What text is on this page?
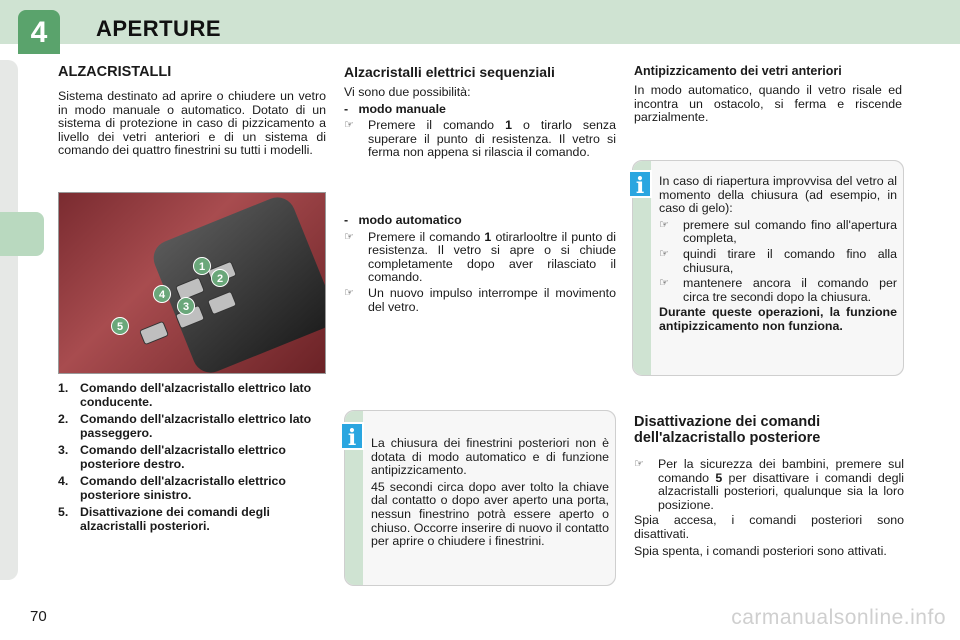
4	APERTURE
ALZACRISTALLI
Sistema destinato ad aprire o chiudere un vetro in modo manuale o automatico. Dotato di un sistema di protezione in caso di pizzicamento a livello dei vetri anteriori e di un sistema di comando dei quattro finestrini su tutti i modelli.
1
2
3
4
5
1. Comando dell'alzacristallo elettrico lato conducente.
2. Comando dell'alzacristallo elettrico lato passeggero.
3. Comando dell'alzacristallo elettrico posteriore destro.
4. Comando dell'alzacristallo elettrico posteriore sinistro.
5. Disattivazione dei comandi degli alzacristalli posteriori.
Alzacristalli elettrici sequenziali

Vi sono due possibilità:

- modo manuale

☞	Premere il comando 1 o tirarlo senza superare il punto di resistenza. Il vetro si ferma non appena si rilascia il comando.

- modo automatico

☞	Premere il comando 1 otirarlooltre il punto di resistenza. Il vetro si apre o si chiude completamente dopo aver rilasciato il comando.
☞	Un nuovo impulso interrompe il movimento del vetro.

La chiusura dei finestrini posteriori non è dotata di modo automatico e di funzione antipizzicamento.

45 secondi circa dopo aver tolto la chiave dal contatto o dopo aver aperto una porta, nessun finestrino potrà essere aperto o chiuso. Occorre inserire di nuovo il contatto per aprire o chiudere i finestrini.

i
Antipizzicamento dei vetri anteriori
In modo automatico, quando il vetro risale ed incontra un ostacolo, si ferma e riscende parzialmente.

In caso di riapertura improvvisa del vetro al momento della chiusura (ad esempio, in caso di gelo):

☞	premere sul comando fino all'apertura completa,
☞	quindi tirare il comando fino alla chiusura,
☞	mantenere ancora il comando per circa tre secondi dopo la chiusura.

Durante queste operazioni, la funzione antipizzicamento non funziona.

i
Disattivazione dei comandi dell'alzacristallo posteriore
☞	Per la sicurezza dei bambini, premere sul comando 5 per disattivare i comandi degli alzacristalli posteriori, qualunque sia la loro posizione.

Spia accesa, i comandi posteriori sono disattivati.

Spia spenta, i comandi posteriori sono attivati.

70	carmanualsonline.info
